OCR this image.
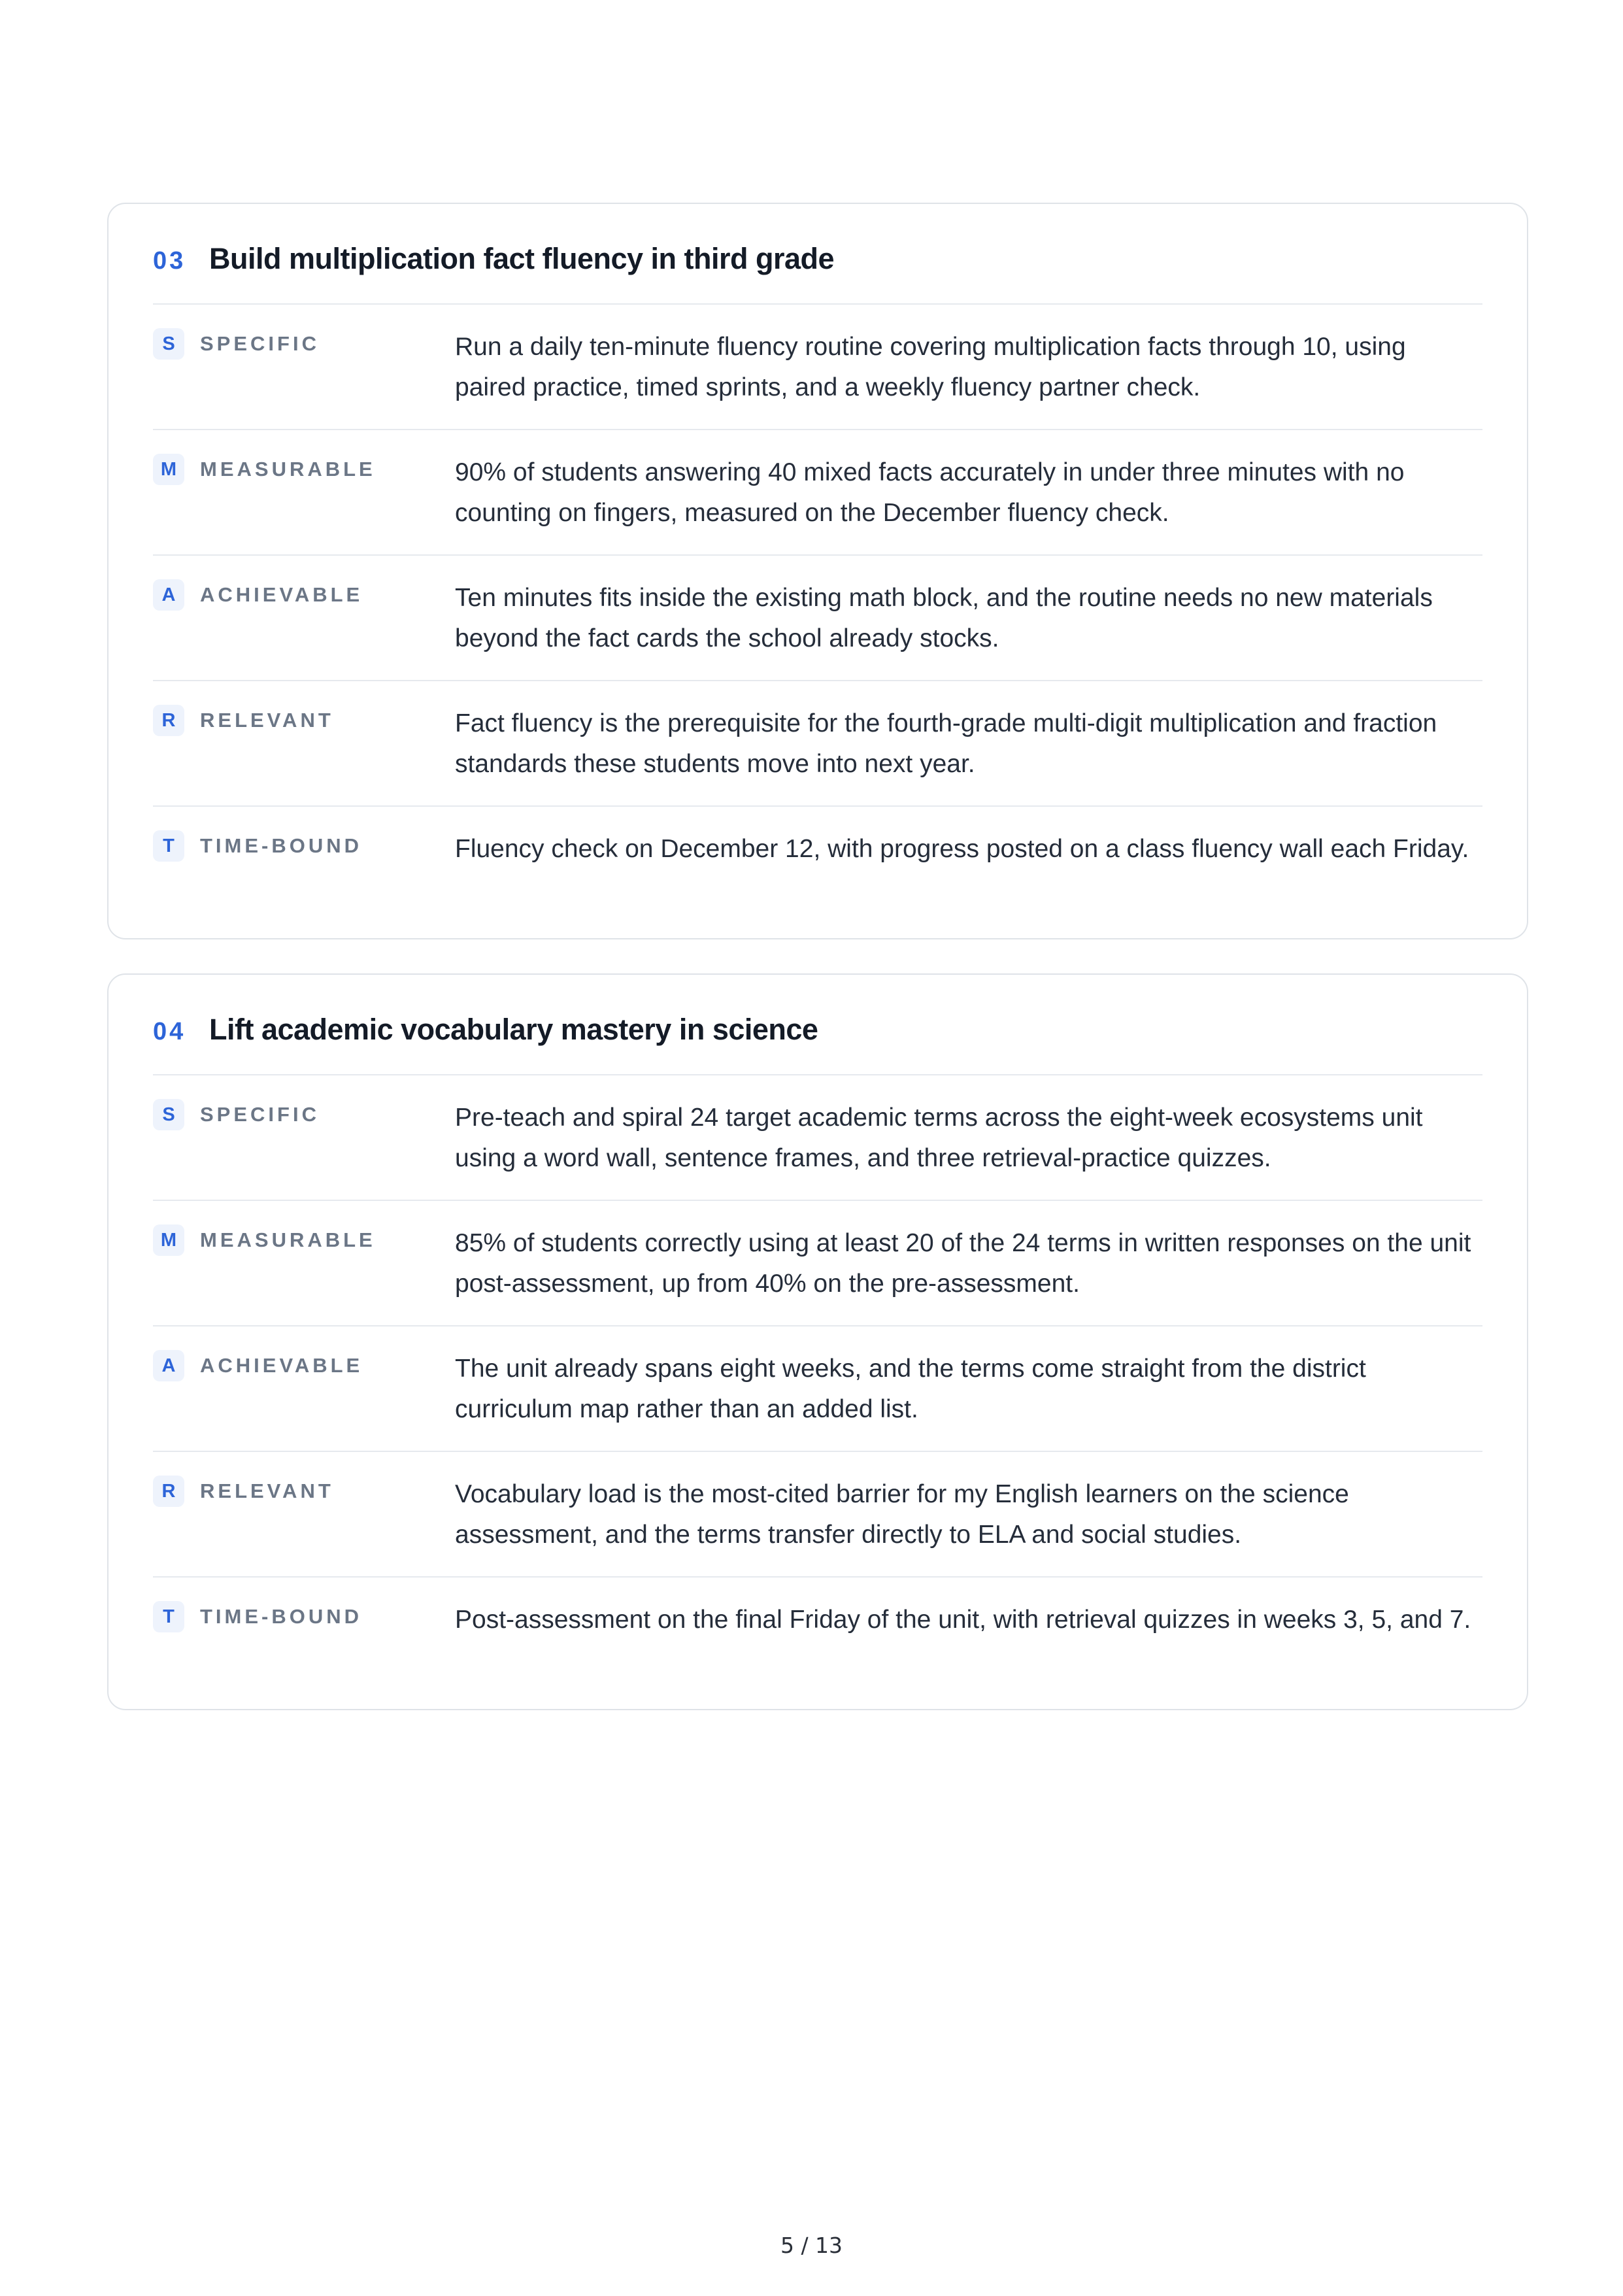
03 Build multiplication fact fluency in third grade
S	SPECIFIC	Run a daily ten-minute fluency routine covering multiplication facts through 10, using paired practice, timed sprints, and a weekly fluency partner check.
M	MEASURABLE	90% of students answering 40 mixed facts accurately in under three minutes with no counting on fingers, measured on the December fluency check.
A	ACHIEVABLE	Ten minutes fits inside the existing math block, and the routine needs no new materials beyond the fact cards the school already stocks.
R	RELEVANT	Fact fluency is the prerequisite for the fourth-grade multi-digit multiplication and fraction standards these students move into next year.
T	TIME-BOUND	Fluency check on December 12, with progress posted on a class fluency wall each Friday.
04 Lift academic vocabulary mastery in science
S	SPECIFIC	Pre-teach and spiral 24 target academic terms across the eight-week ecosystems unit using a word wall, sentence frames, and three retrieval-practice quizzes.
M	MEASURABLE	85% of students correctly using at least 20 of the 24 terms in written responses on the unit post-assessment, up from 40% on the pre-assessment.
A	ACHIEVABLE	The unit already spans eight weeks, and the terms come straight from the district curriculum map rather than an added list.
R	RELEVANT	Vocabulary load is the most-cited barrier for my English learners on the science assessment, and the terms transfer directly to ELA and social studies.
T	TIME-BOUND	Post-assessment on the final Friday of the unit, with retrieval quizzes in weeks 3, 5, and 7.
5 / 13
